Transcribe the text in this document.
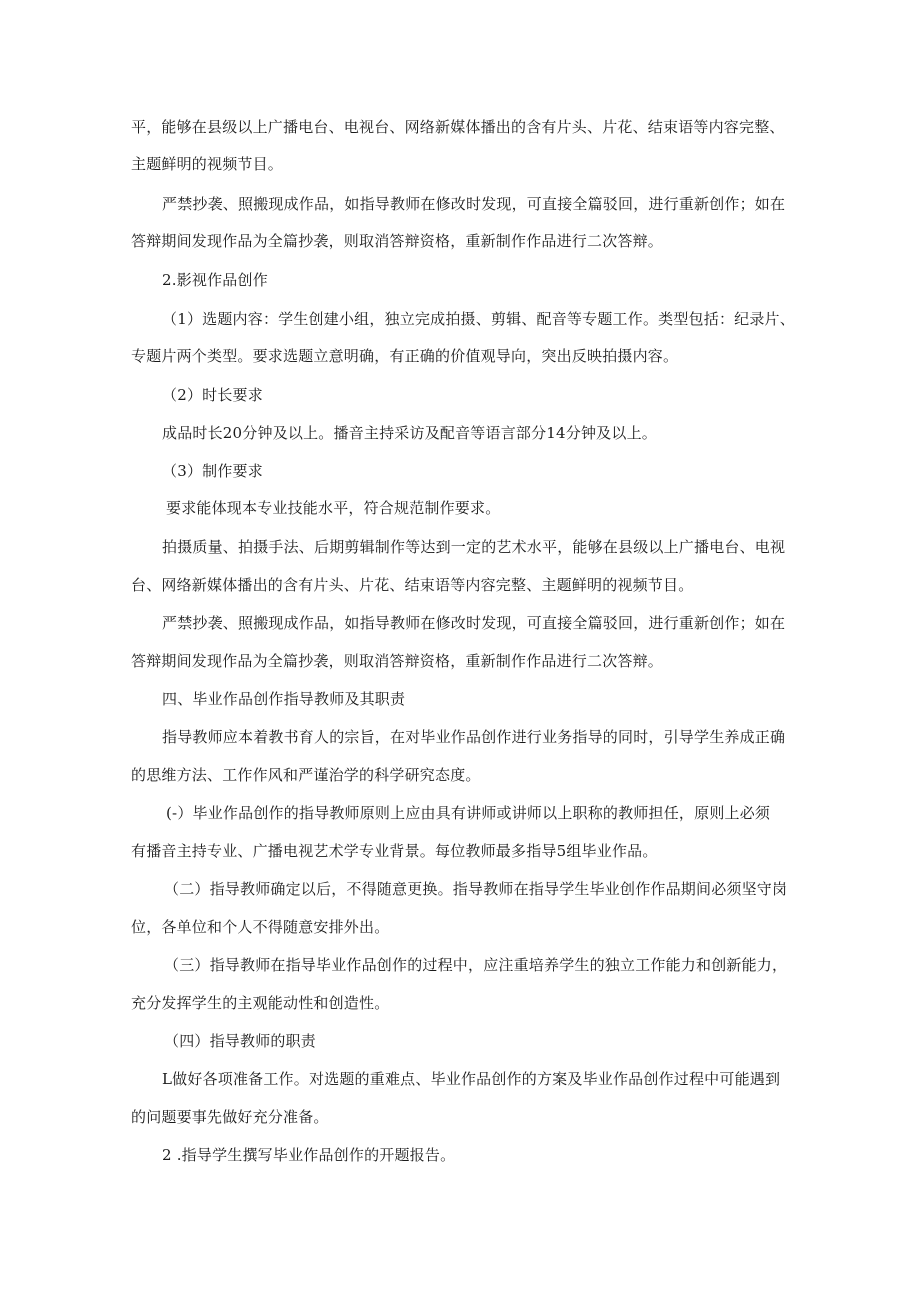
平，能够在县级以上广播电台、电视台、网络新媒体播出的含有片头、片花、结束语等内容完整、
主题鲜明的视频节目。
严禁抄袭、照搬现成作品，如指导教师在修改时发现，可直接全篇驳回，进行重新创作；如在
答辩期间发现作品为全篇抄袭，则取消答辩资格，重新制作作品进行二次答辩。
2.影视作品创作
（1）选题内容：学生创建小组，独立完成拍摄、剪辑、配音等专题工作。类型包括：纪录片、
专题片两个类型。要求选题立意明确，有正确的价值观导向，突出反映拍摄内容。
（2）时长要求
成品时长20分钟及以上。播音主持采访及配音等语言部分14分钟及以上。
（3）制作要求
要求能体现本专业技能水平，符合规范制作要求。
拍摄质量、拍摄手法、后期剪辑制作等达到一定的艺术水平，能够在县级以上广播电台、电视
台、网络新媒体播出的含有片头、片花、结束语等内容完整、主题鲜明的视频节目。
严禁抄袭、照搬现成作品，如指导教师在修改时发现，可直接全篇驳回，进行重新创作；如在
答辩期间发现作品为全篇抄袭，则取消答辩资格，重新制作作品进行二次答辩。
四、毕业作品创作指导教师及其职责
指导教师应本着教书育人的宗旨，在对毕业作品创作进行业务指导的同时，引导学生养成正确
的思维方法、工作作风和严谨治学的科学研究态度。
(-）毕业作品创作的指导教师原则上应由具有讲师或讲师以上职称的教师担任，原则上必须
有播音主持专业、广播电视艺术学专业背景。每位教师最多指导5组毕业作品。
（二）指导教师确定以后，不得随意更换。指导教师在指导学生毕业创作作品期间必须坚守岗
位，各单位和个人不得随意安排外出。
（三）指导教师在指导毕业作品创作的过程中，应注重培养学生的独立工作能力和创新能力，
充分发挥学生的主观能动性和创造性。
（四）指导教师的职责
L做好各项准备工作。对选题的重难点、毕业作品创作的方案及毕业作品创作过程中可能遇到
的问题要事先做好充分准备。
2 .指导学生撰写毕业作品创作的开题报告。
